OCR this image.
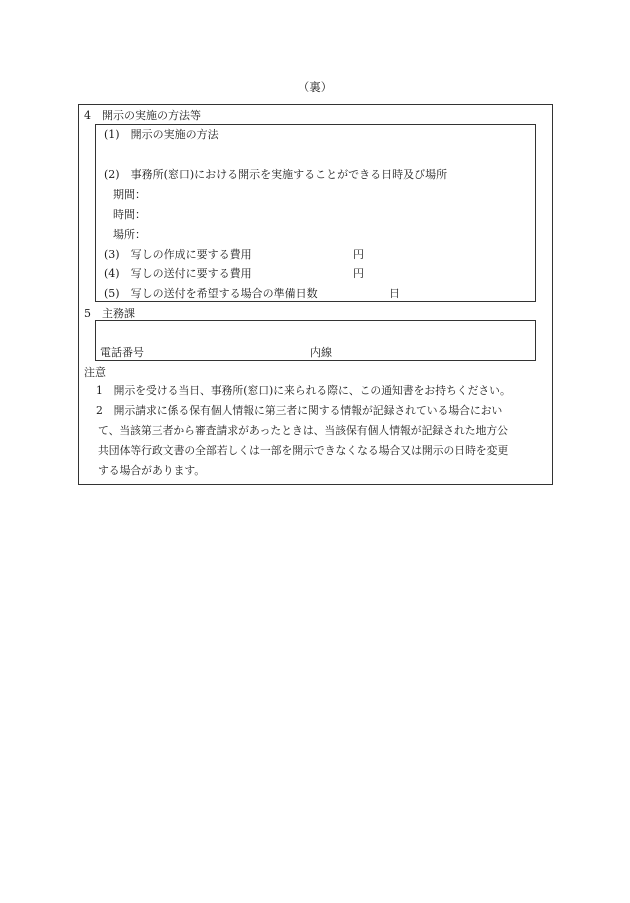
（裏）
4　開示の実施の方法等
(1)　開示の実施の方法
(2)　事務所(窓口)における開示を実施することができる日時及び場所
期間：
時間：
場所：
(3)　写しの作成に要する費用	円
(4)　写しの送付に要する費用	円
(5)　写しの送付を希望する場合の準備日数	日
5　主務課
電話番号	内線
注意
1　開示を受ける当日、事務所(窓口)に来られる際に、この通知書をお持ちください。
2　開示請求に係る保有個人情報に第三者に関する情報が記録されている場合におい
て、当該第三者から審査請求があったときは、当該保有個人情報が記録された地方公
共団体等行政文書の全部若しくは一部を開示できなくなる場合又は開示の日時を変更
する場合があります。
